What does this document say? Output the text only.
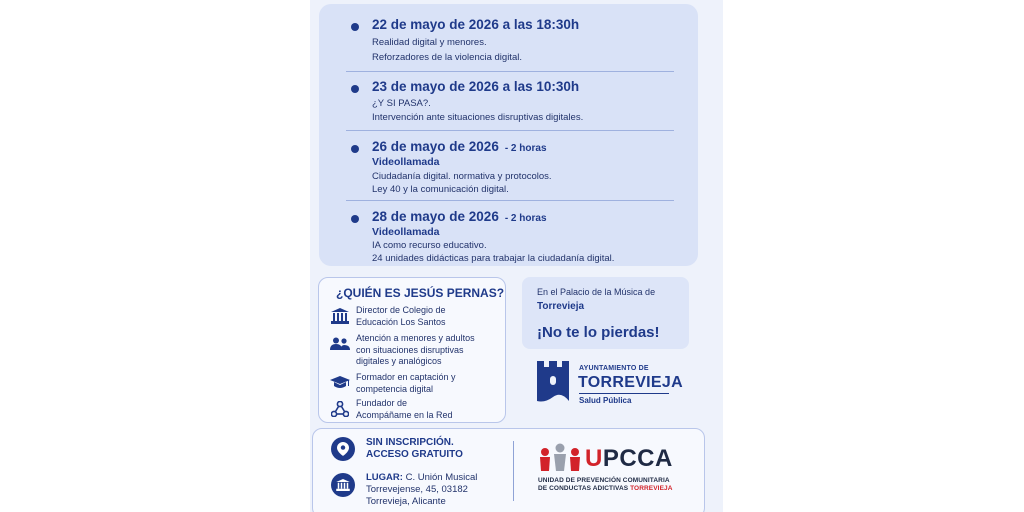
22 de mayo de 2026 a las 18:30h
Realidad digital y menores.
Reforzadores de la violencia digital.
23 de mayo de 2026 a las 10:30h
¿Y SI PASA?.
Intervención ante situaciones disruptivas digitales.
26 de mayo de 2026 - 2 horas
Videollamada
Ciudadanía digital. normativa y protocolos.
Ley 40 y la comunicación digital.
28 de mayo de 2026 - 2 horas
Videollamada
IA como recurso educativo.
24 unidades didácticas para trabajar la ciudadanía digital.
¿QUIÉN ES JESÚS PERNAS?
Director de Colegio de
Educación Los Santos
Atención a menores y adultos
con situaciones disruptivas
digitales y analógicos
Formador en captación y
competencia digital
Fundador de
Acompáñame en la Red
En el Palacio de la Música de
Torrevieja
¡No te lo pierdas!
AYUNTAMIENTO DE
TORREVIEJA
Salud Pública
SIN INSCRIPCIÓN.
ACCESO GRATUITO
LUGAR: C. Unión Musical
Torrevejense, 45, 03182
Torrevieja, Alicante
UPCCA
UNIDAD DE PREVENCIÓN COMUNITARIA
DE CONDUCTAS ADICTIVAS TORREVIEJA
